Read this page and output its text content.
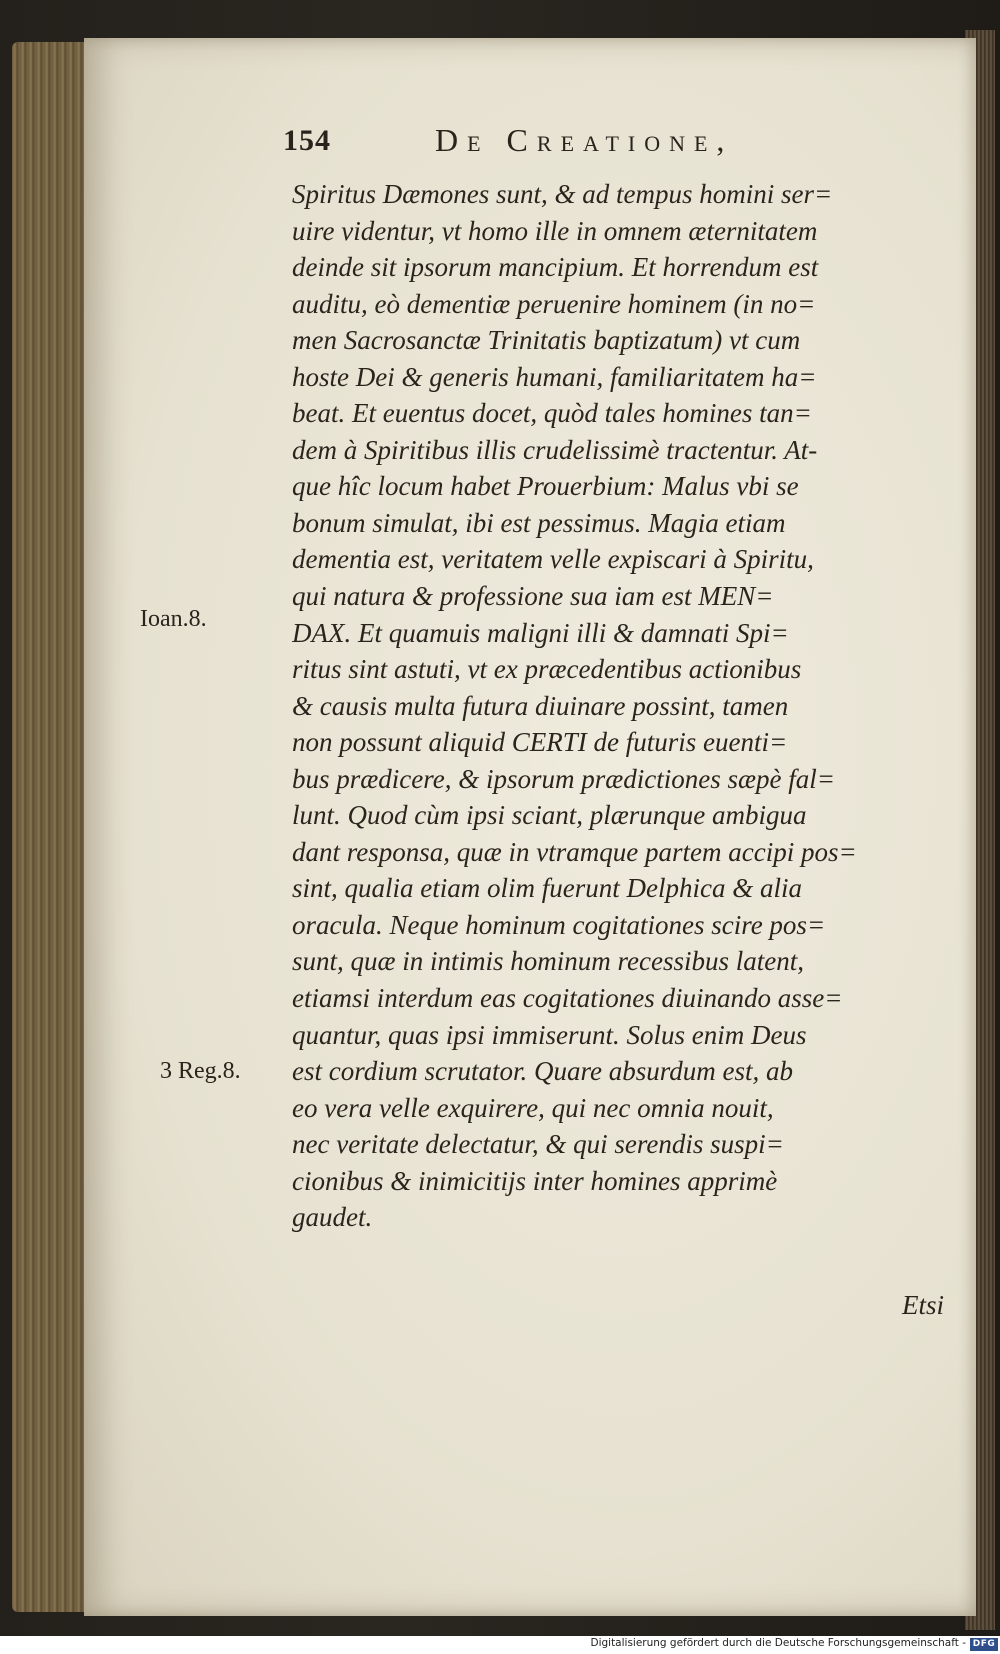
154	De Creatione,
Spiritus Dæmones sunt, & ad tempus homini ser=
uire videntur, vt homo ille in omnem æternitatem
deinde sit ipsorum mancipium. Et horrendum est
auditu, eò dementiæ peruenire hominem (in no=
men Sacrosanctæ Trinitatis baptizatum) vt cum
hoste Dei & generis humani, familiaritatem ha=
beat. Et euentus docet, quòd tales homines tan=
dem à Spiritibus illis crudelissimè tractentur. At-
que hîc locum habet Prouerbium: Malus vbi se
bonum simulat, ibi est pessimus. Magia etiam
dementia est, veritatem velle expiscari à Spiritu,
qui natura & professione sua iam est MEN=
DAX. Et quamuis maligni illi & damnati Spi=
ritus sint astuti, vt ex præcedentibus actionibus
& causis multa futura diuinare possint, tamen
non possunt aliquid CERTI de futuris euenti=
bus prædicere, & ipsorum prædictiones sæpè fal=
lunt. Quod cùm ipsi sciant, plærunque ambigua
dant responsa, quæ in vtramque partem accipi pos=
sint, qualia etiam olim fuerunt Delphica & alia
oracula. Neque hominum cogitationes scire pos=
sunt, quæ in intimis hominum recessibus latent,
etiamsi interdum eas cogitationes diuinando asse=
quantur, quas ipsi immiserunt. Solus enim Deus
est cordium scrutator. Quare absurdum est, ab
eo vera velle exquirere, qui nec omnia nouit,
nec veritate delectatur, & qui serendis suspi=
cionibus & inimicitijs inter homines apprimè
gaudet.
Ioan.8.
3 Reg.8.
Etsi
Digitalisierung gefördert durch die Deutsche Forschungsgemeinschaft - DFG
